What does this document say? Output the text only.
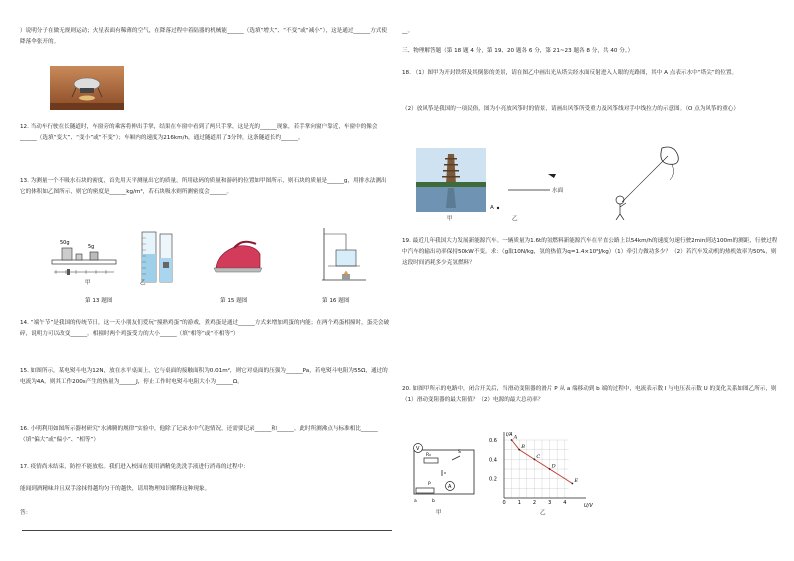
）说明分子在做无规则运动；火星表面有稀薄的空气，在降落过程中着陆器的机械能______（选填“增大”、“不变”或“减小”），这是通过______方式使降落伞张开的。
12. 当动车行驶在长隧道时，车窗旁的乘客将伸出手掌，结果在车窗中看到了两只手掌，这是光的______现象，若手掌向窗户靠近，车窗中的像会______（选填“变大”、“变小”或“不变”）；车厢内的速度为216km/h，通过隧道用了3分钟，这条隧道长约______。
13. 为测量一个不吸水石块的密度，首先用天平测量出它的质量，所用砝码的质量和游码的位置如甲图所示，则石块的质量是______g，用排水法测出它的体积如乙图所示，则它的密度是______kg/m³，若石块吸水则所测密度会______。
50g
5g
甲	乙
第 13 题图	第 15 题图	第 16 题图
14. “端午节”是我国的传统节日，这一天小朋友们爱玩“撞熟鸡蛋”的游戏，煮鸡蛋是通过______方式来增加鸡蛋的内能；在两个鸡蛋相撞时，蛋壳会破碎，说明力可以改变______。相撞时两个鸡蛋受力的大小______（填“相等”或“不相等”）
15. 如图所示，某电熨斗电为12N，放在水平桌面上，它与桌面的接触面积为0.01m²，则它对桌面的压强为______Pa，若电熨斗电阻为55Ω，通过的电流为4A，则其工作200s产生的热量为______J，停止工作时电熨斗电阻大小为______Ω。
16. 小明利用如图所示器材研究“水沸腾的规律”实验中，他除了记录水中气泡情况，还需要记录______和______。此时所测沸点与标准相比______（填“偏大”或“偏小”、“相等”）
17. 疫情尚未结束，防控不能放松。我们进入校园在使用酒精免洗洗手液进行消毒的过程中：
能闻到酒精味并且双手涂抹得越均匀干的越快，请用物理知识解释这种现象。
答：
__。
三、物理解答题（第 18 题 4 分，第 19、20 题各 6 分，第 21~23 题各 8 分，共 40 分。）
18. （1）图甲为开封铁塔及其倒影的美景，请在图乙中画出光从塔尖经水面反射进入人眼的光路图，其中 A 点表示水中“塔尖”的位置。
（2）放风筝是我国的一项民俗，图为小亮放风筝时的情景，请画出风筝所受重力及风筝线对手中线拉力的示意图。（O 点为风筝的重心）
甲
水面
A
乙
19. 最近几年我国大力发展新能源汽车。一辆质量为1.6t的氢燃料新能源汽车在平直公路上以54km/h的速度匀速行驶2min到达100m的测距，行驶过程中汽车的输出功率保持50kW不变。求：（g取10N/kg，氢的热值为q=1.4×10⁸J/kg）（1）牵引力做功多少？（2）若汽车发动机的热机效率为50%，则这段时间消耗多少克氢燃料？
20. 如图甲所示的电路中，闭合开关后，当滑动变阻器的滑片 P 从 a 端移动到 b 端的过程中，电流表示数 I 与电压表示数 U 的变化关系如图乙所示，则（1）滑动变阻器的最大阻值？（2）电源的最大总功率？
V
R₀
S
A
a	b
P
甲
0 1 2 3 4
0.2
0.4
0.6
U/V
I/A A
B
C
D
E
乙
